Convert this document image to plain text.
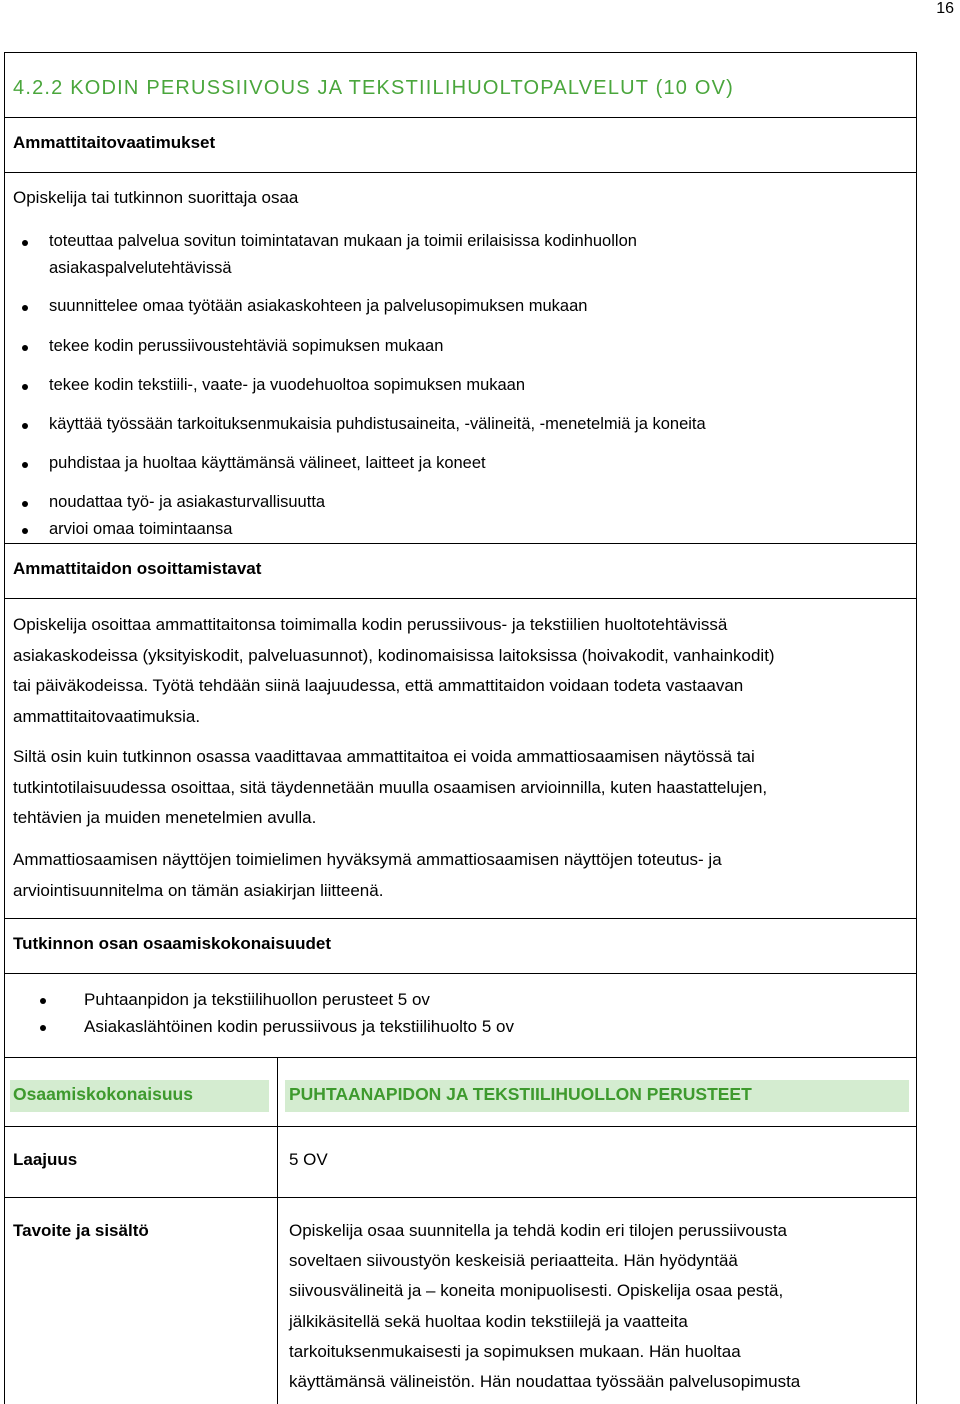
16
4.2.2 KODIN PERUSSIIVOUS JA TEKSTIILIHUOLTOPALVELUT (10 OV)
Ammattitaitovaatimukset
Opiskelija tai tutkinnon suorittaja osaa
toteuttaa palvelua sovitun toimintatavan mukaan ja toimii erilaisissa kodinhuollon
asiakaspalvelutehtävissä
suunnittelee omaa työtään asiakaskohteen ja palvelusopimuksen mukaan
tekee kodin perussiivoustehtäviä sopimuksen mukaan
tekee kodin tekstiili-, vaate- ja vuodehuoltoa sopimuksen mukaan
käyttää työssään tarkoituksenmukaisia puhdistusaineita, -välineitä, -menetelmiä ja koneita
puhdistaa ja huoltaa käyttämänsä välineet, laitteet ja koneet
noudattaa työ- ja asiakasturvallisuutta
arvioi omaa toimintaansa
Ammattitaidon osoittamistavat
Opiskelija osoittaa ammattitaitonsa toimimalla kodin perussiivous- ja tekstiilien huoltotehtävissä
asiakaskodeissa (yksityiskodit, palveluasunnot), kodinomaisissa laitoksissa (hoivakodit, vanhainkodit)
tai päiväkodeissa. Työtä tehdään siinä laajuudessa, että ammattitaidon voidaan todeta vastaavan
ammattitaitovaatimuksia.
Siltä osin kuin tutkinnon osassa vaadittavaa ammattitaitoa ei voida ammattiosaamisen näytössä tai
tutkintotilaisuudessa osoittaa, sitä täydennetään muulla osaamisen arvioinnilla, kuten haastattelujen,
tehtävien ja muiden menetelmien avulla.
Ammattiosaamisen näyttöjen toimielimen hyväksymä ammattiosaamisen näyttöjen toteutus- ja
arviointisuunnitelma on tämän asiakirjan liitteenä.
Tutkinnon osan osaamiskokonaisuudet
Puhtaanpidon ja tekstiilihuollon perusteet 5 ov
Asiakaslähtöinen kodin perussiivous ja tekstiilihuolto 5 ov
Osaamiskokonaisuus	PUHTAANAPIDON JA TEKSTIILIHUOLLON PERUSTEET
Laajuus	5 OV
Tavoite ja sisältö	Opiskelija osaa suunnitella ja tehdä kodin eri tilojen perussiivousta
soveltaen siivoustyön keskeisiä periaatteita. Hän hyödyntää
siivousvälineitä ja – koneita monipuolisesti. Opiskelija osaa pestä,
jälkikäsitellä sekä huoltaa kodin tekstiilejä ja vaatteita
tarkoituksenmukaisesti ja sopimuksen mukaan. Hän huoltaa
käyttämänsä välineistön. Hän noudattaa työssään palvelusopimusta
